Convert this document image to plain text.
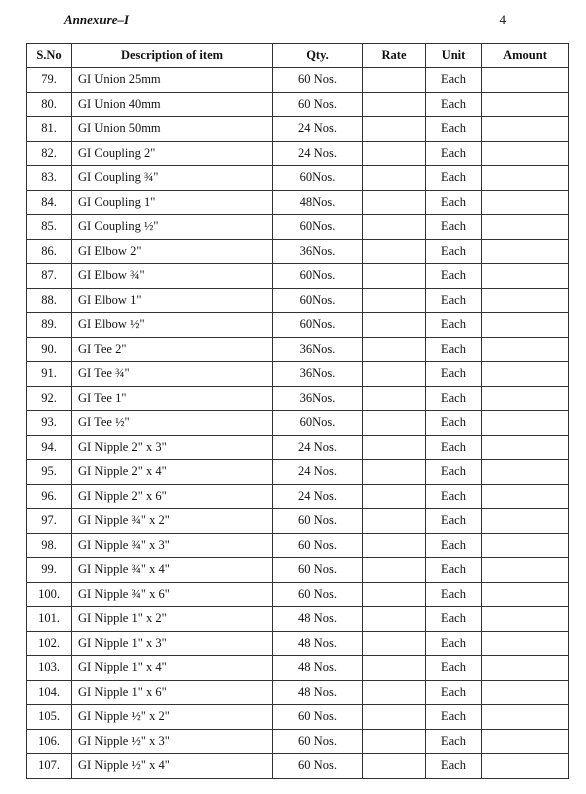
Annexure–I	4
S.No	Description of item	Qty.	Rate	Unit	Amount
79.	GI Union 25mm	60 Nos.		Each	
80.	GI Union 40mm	60 Nos.		Each	
81.	GI Union 50mm	24 Nos.		Each	
82.	GI Coupling 2"	24 Nos.		Each	
83.	GI Coupling ¾"	60Nos.		Each	
84.	GI Coupling 1"	48Nos.		Each	
85.	GI Coupling ½"	60Nos.		Each	
86.	GI Elbow 2"	36Nos.		Each	
87.	GI Elbow ¾"	60Nos.		Each	
88.	GI Elbow 1"	60Nos.		Each	
89.	GI Elbow ½"	60Nos.		Each	
90.	GI Tee 2"	36Nos.		Each	
91.	GI Tee ¾"	36Nos.		Each	
92.	GI Tee 1"	36Nos.		Each	
93.	GI Tee ½"	60Nos.		Each	
94.	GI Nipple 2" x 3"	24 Nos.		Each	
95.	GI Nipple 2" x 4"	24 Nos.		Each	
96.	GI Nipple 2" x 6"	24 Nos.		Each	
97.	GI Nipple ¾" x 2"	60 Nos.		Each	
98.	GI Nipple ¾" x 3"	60 Nos.		Each	
99.	GI Nipple ¾" x 4"	60 Nos.		Each	
100.	GI Nipple ¾" x 6"	60 Nos.		Each	
101.	GI Nipple 1" x 2"	48 Nos.		Each	
102.	GI Nipple 1" x 3"	48 Nos.		Each	
103.	GI Nipple 1" x 4"	48 Nos.		Each	
104.	GI Nipple 1" x 6"	48 Nos.		Each	
105.	GI Nipple ½" x 2"	60 Nos.		Each	
106.	GI Nipple ½" x 3"	60 Nos.		Each	
107.	GI Nipple ½" x 4"	60 Nos.		Each	
